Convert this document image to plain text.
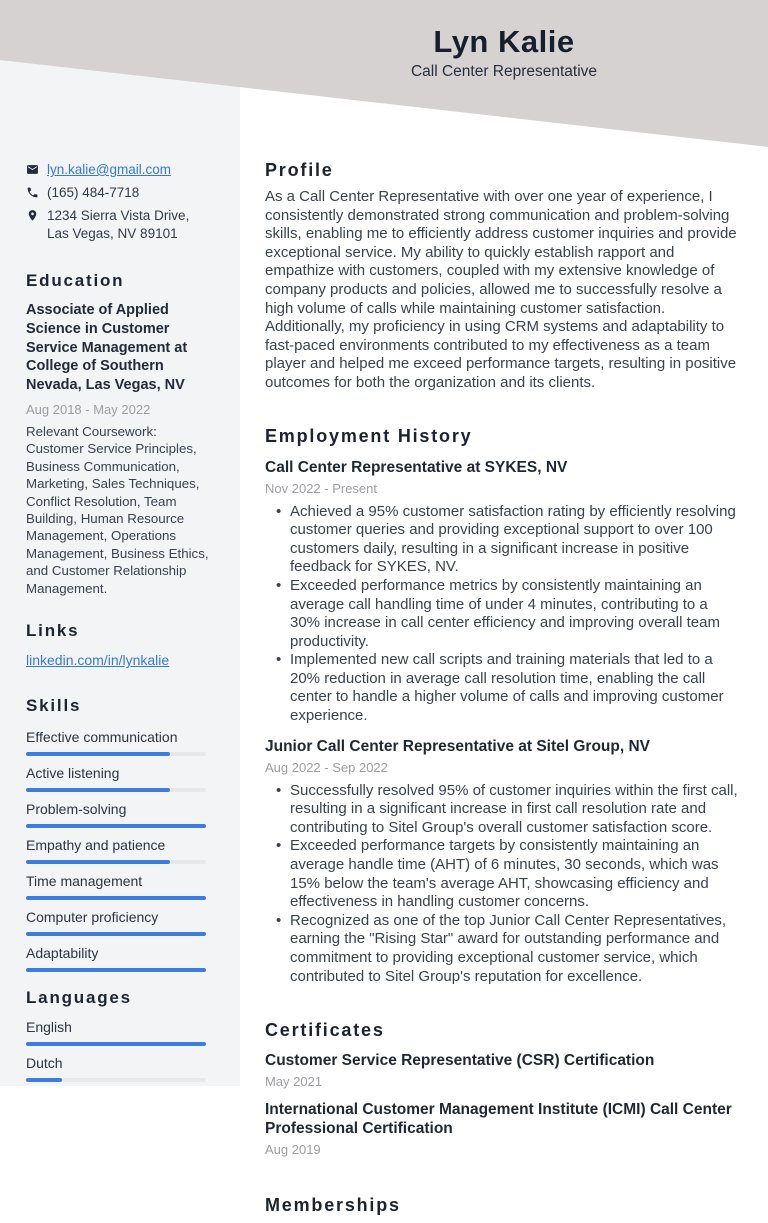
Lyn Kalie
Call Center Representative
lyn.kalie@gmail.com
(165) 484-7718
1234 Sierra Vista Drive, Las Vegas, NV 89101
Education
Associate of Applied Science in Customer Service Management at College of Southern Nevada, Las Vegas, NV
Aug 2018 - May 2022
Relevant Coursework: Customer Service Principles, Business Communication, Marketing, Sales Techniques, Conflict Resolution, Team Building, Human Resource Management, Operations Management, Business Ethics, and Customer Relationship Management.
Links
linkedin.com/in/lynkalie
Skills
Effective communication
Active listening
Problem-solving
Empathy and patience
Time management
Computer proficiency
Adaptability
Languages
English
Dutch
Profile

As a Call Center Representative with over one year of experience, I consistently demonstrated strong communication and problem-solving skills, enabling me to efficiently address customer inquiries and provide exceptional service. My ability to quickly establish rapport and empathize with customers, coupled with my extensive knowledge of company products and policies, allowed me to successfully resolve a high volume of calls while maintaining customer satisfaction. Additionally, my proficiency in using CRM systems and adaptability to fast-paced environments contributed to my effectiveness as a team player and helped me exceed performance targets, resulting in positive outcomes for both the organization and its clients.

Employment History
Call Center Representative at SYKES, NV
Nov 2022 - Present
• Achieved a 95% customer satisfaction rating by efficiently resolving customer queries and providing exceptional support to over 100 customers daily, resulting in a significant increase in positive feedback for SYKES, NV.
• Exceeded performance metrics by consistently maintaining an average call handling time of under 4 minutes, contributing to a 30% increase in call center efficiency and improving overall team productivity.
• Implemented new call scripts and training materials that led to a 20% reduction in average call resolution time, enabling the call center to handle a higher volume of calls and improving customer experience.
Junior Call Center Representative at Sitel Group, NV
Aug 2022 - Sep 2022
• Successfully resolved 95% of customer inquiries within the first call, resulting in a significant increase in first call resolution rate and contributing to Sitel Group's overall customer satisfaction score.
• Exceeded performance targets by consistently maintaining an average handle time (AHT) of 6 minutes, 30 seconds, which was 15% below the team's average AHT, showcasing efficiency and effectiveness in handling customer concerns.
• Recognized as one of the top Junior Call Center Representatives, earning the "Rising Star" award for outstanding performance and commitment to providing exceptional customer service, which contributed to Sitel Group's reputation for excellence.
Certificates
Customer Service Representative (CSR) Certification
May 2021
International Customer Management Institute (ICMI) Call Center Professional Certification
Aug 2019
Memberships
